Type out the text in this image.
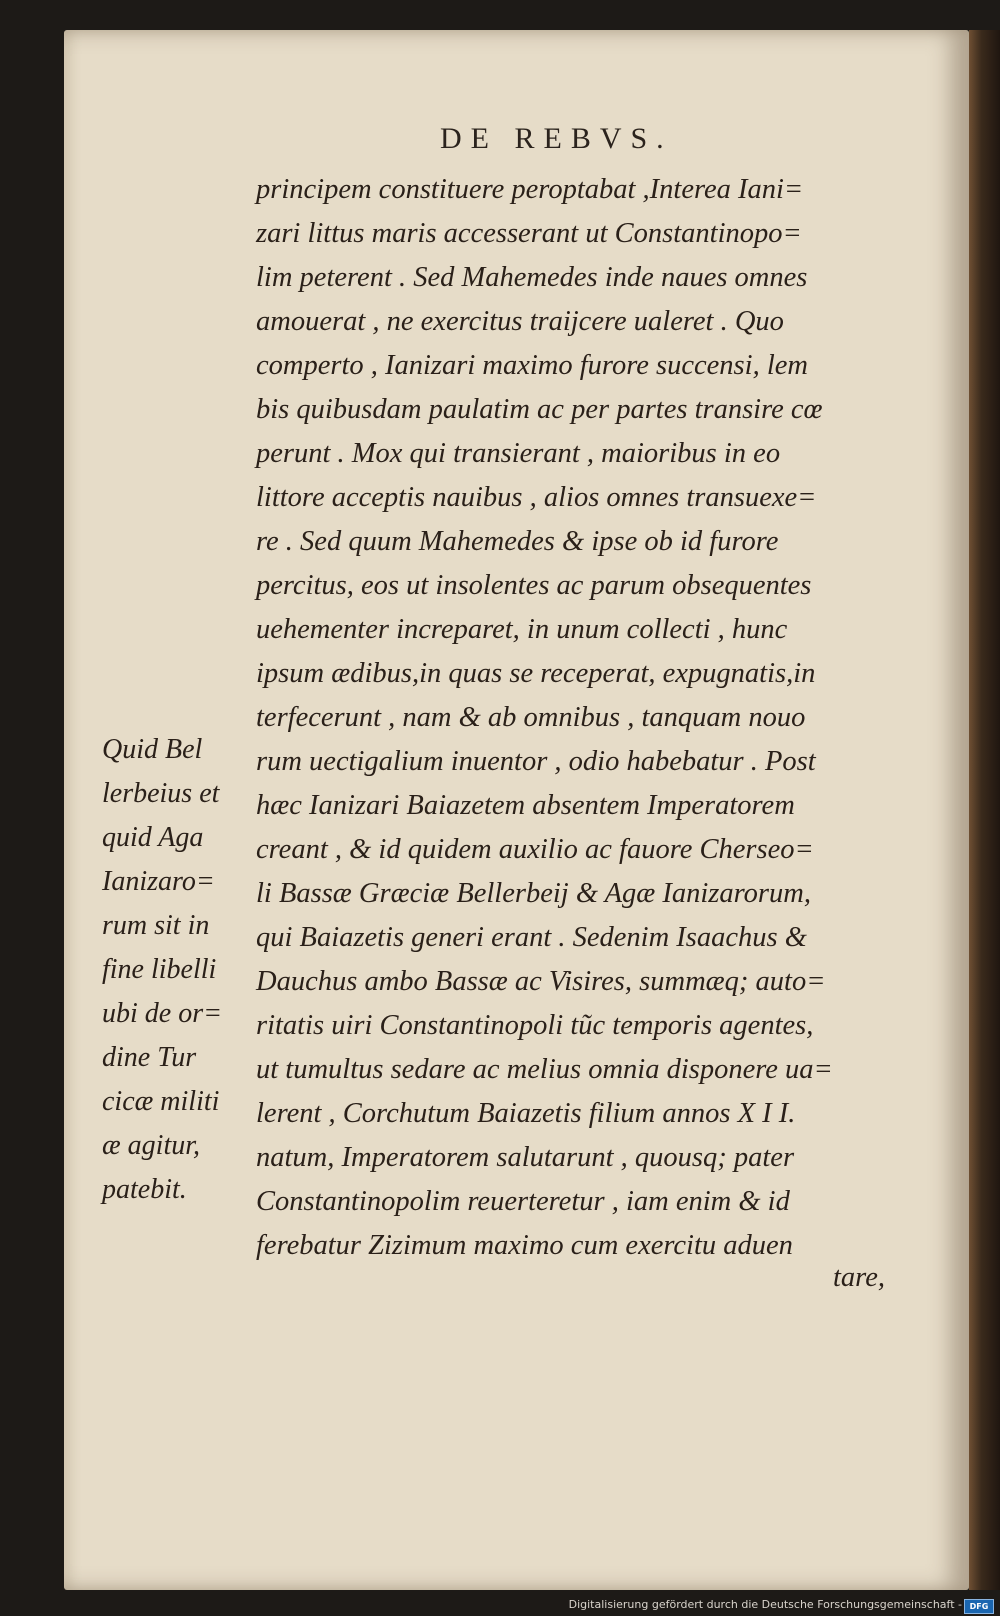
DE REBVS.
principem constituere peroptabat ,Interea Iani=
zari littus maris accesserant ut Constantinopo=
lim peterent . Sed Mahemedes inde naues omnes
amouerat , ne exercitus traijcere ualeret . Quo
comperto , Ianizari maximo furore succensi, lem
bis quibusdam paulatim ac per partes transire cœ
perunt . Mox qui transierant , maioribus in eo
littore acceptis nauibus , alios omnes transuexe=
re . Sed quum Mahemedes & ipse ob id furore
percitus, eos ut insolentes ac parum obsequentes
uehementer increparet, in unum collecti , hunc
ipsum ædibus,in quas se receperat, expugnatis,in
terfecerunt , nam & ab omnibus , tanquam nouo
rum uectigalium inuentor , odio habebatur . Post
hæc Ianizari Baiazetem absentem Imperatorem
creant , & id quidem auxilio ac fauore Cherseo=
li Bassæ Græciæ Bellerbeij & Agæ Ianizarorum,
qui Baiazetis generi erant . Sedenim Isaachus &
Dauchus ambo Bassæ ac Visires, summæq; auto=
ritatis uiri Constantinopoli tũc temporis agentes,
ut tumultus sedare ac melius omnia disponere ua=
lerent , Corchutum Baiazetis filium annos X I I.
natum, Imperatorem salutarunt , quousq; pater
Constantinopolim reuerteretur , iam enim & id
ferebatur Zizimum maximo cum exercitu aduen
tare,
Quid Bel
lerbeius et
quid Aga
Ianizaro=
rum sit in
fine libelli
ubi de or=
dine Tur
cicæ militi
æ agitur,
patebit.
Digitalisierung gefördert durch die Deutsche Forschungsgemeinschaft - DFG
